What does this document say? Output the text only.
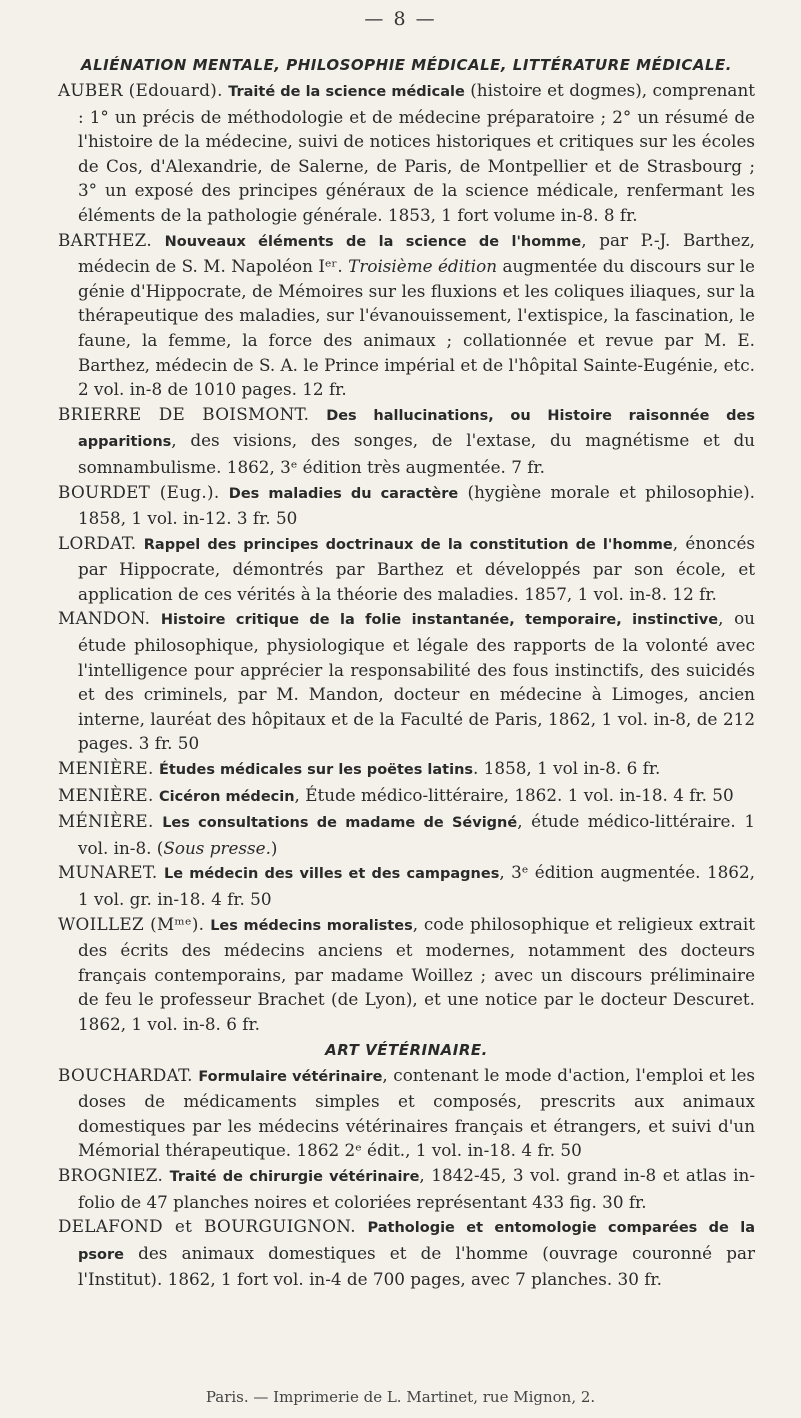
— 8 —
ALIÉNATION MENTALE, PHILOSOPHIE MÉDICALE, LITTÉRATURE MÉDICALE.

AUBER (Edouard). Traité de la science médicale (histoire et dogmes), comprenant : 1° un précis de méthodologie et de médecine préparatoire ; 2° un résumé de l'histoire de la médecine, suivi de notices historiques et critiques sur les écoles de Cos, d'Alexandrie, de Salerne, de Paris, de Montpellier et de Strasbourg ; 3° un exposé des principes généraux de la science médicale, renfermant les éléments de la pathologie générale. 1853, 1 fort volume in-8. 8 fr.

BARTHEZ. Nouveaux éléments de la science de l'homme, par P.-J. Barthez, médecin de S. M. Napoléon Iᵉʳ. Troisième édition augmentée du discours sur le génie d'Hippocrate, de Mémoires sur les fluxions et les coliques iliaques, sur la thérapeutique des maladies, sur l'évanouissement, l'extispice, la fascination, le faune, la femme, la force des animaux ; collationnée et revue par M. E. Barthez, médecin de S. A. le Prince impérial et de l'hôpital Sainte-Eugénie, etc. 2 vol. in-8 de 1010 pages. 12 fr.

BRIERRE DE BOISMONT. Des hallucinations, ou Histoire raisonnée des apparitions, des visions, des songes, de l'extase, du magnétisme et du somnambulisme. 1862, 3ᵉ édition très augmentée. 7 fr.

BOURDET (Eug.). Des maladies du caractère (hygiène morale et philosophie). 1858, 1 vol. in-12. 3 fr. 50

LORDAT. Rappel des principes doctrinaux de la constitution de l'homme, énoncés par Hippocrate, démontrés par Barthez et développés par son école, et application de ces vérités à la théorie des maladies. 1857, 1 vol. in-8. 12 fr.

MANDON. Histoire critique de la folie instantanée, temporaire, instinctive, ou étude philosophique, physiologique et légale des rapports de la volonté avec l'intelligence pour apprécier la responsabilité des fous instinctifs, des suicidés et des criminels, par M. Mandon, docteur en médecine à Limoges, ancien interne, lauréat des hôpitaux et de la Faculté de Paris, 1862, 1 vol. in-8, de 212 pages. 3 fr. 50

MENIÈRE. Études médicales sur les poëtes latins. 1858, 1 vol in-8. 6 fr.

MENIÈRE. Cicéron médecin, Étude médico-littéraire, 1862. 1 vol. in-18. 4 fr. 50

MÉNIÈRE. Les consultations de madame de Sévigné, étude médico-littéraire. 1 vol. in-8. (Sous presse.)

MUNARET. Le médecin des villes et des campagnes, 3ᵉ édition augmentée. 1862, 1 vol. gr. in-18. 4 fr. 50

WOILLEZ (Mᵐᵉ). Les médecins moralistes, code philosophique et religieux extrait des écrits des médecins anciens et modernes, notamment des docteurs français contemporains, par madame Woillez ; avec un discours préliminaire de feu le professeur Brachet (de Lyon), et une notice par le docteur Descuret. 1862, 1 vol. in-8. 6 fr.

ART VÉTÉRINAIRE.

BOUCHARDAT. Formulaire vétérinaire, contenant le mode d'action, l'emploi et les doses de médicaments simples et composés, prescrits aux animaux domestiques par les médecins vétérinaires français et étrangers, et suivi d'un Mémorial thérapeutique. 1862 2ᵉ édit., 1 vol. in-18. 4 fr. 50

BROGNIEZ. Traité de chirurgie vétérinaire, 1842-45, 3 vol. grand in-8 et atlas in-folio de 47 planches noires et coloriées représentant 433 fig. 30 fr.

DELAFOND et BOURGUIGNON. Pathologie et entomologie comparées de la psore des animaux domestiques et de l'homme (ouvrage couronné par l'Institut). 1862, 1 fort vol. in-4 de 700 pages, avec 7 planches. 30 fr.

Paris. — Imprimerie de L. Martinet, rue Mignon, 2.
